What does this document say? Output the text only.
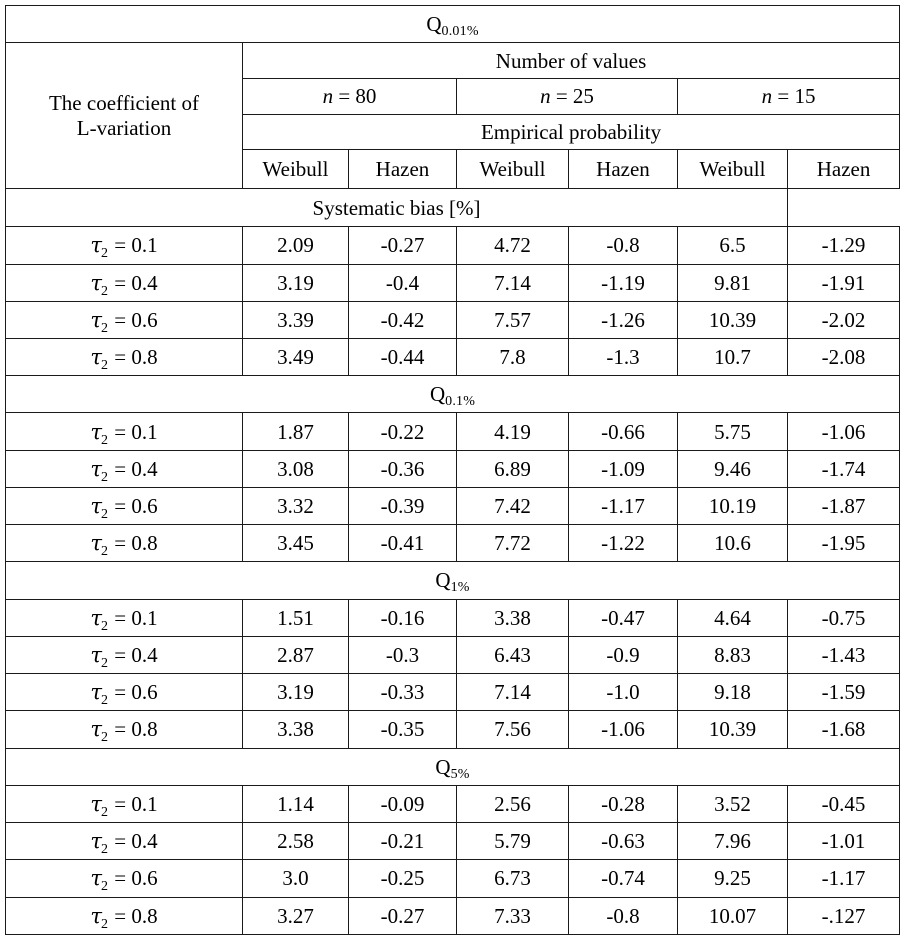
Q0.01%						
The coefficient of
L-variation	Number of values					
	n = 80		n = 25		n = 15	
	Empirical probability					
	Weibull	Hazen	Weibull	Hazen	Weibull	Hazen
Systematic bias [%]						
$\tau_2 = 0.1$	2.09	-0.27	4.72	-0.8	6.5	-1.29
$\tau_2 = 0.4$	3.19	-0.4	7.14	-1.19	9.81	-1.91
$\tau_2 = 0.6$	3.39	-0.42	7.57	-1.26	10.39	-2.02
$\tau_2 = 0.8$	3.49	-0.44	7.8	-1.3	10.7	-2.08
Q0.1%						
$\tau_2 = 0.1$	1.87	-0.22	4.19	-0.66	5.75	-1.06
$\tau_2 = 0.4$	3.08	-0.36	6.89	-1.09	9.46	-1.74
$\tau_2 = 0.6$	3.32	-0.39	7.42	-1.17	10.19	-1.87
$\tau_2 = 0.8$	3.45	-0.41	7.72	-1.22	10.6	-1.95
Q1%						
$\tau_2 = 0.1$	1.51	-0.16	3.38	-0.47	4.64	-0.75
$\tau_2 = 0.4$	2.87	-0.3	6.43	-0.9	8.83	-1.43
$\tau_2 = 0.6$	3.19	-0.33	7.14	-1.0	9.18	-1.59
$\tau_2 = 0.8$	3.38	-0.35	7.56	-1.06	10.39	-1.68
Q5%						
$\tau_2 = 0.1$	1.14	-0.09	2.56	-0.28	3.52	-0.45
$\tau_2 = 0.4$	2.58	-0.21	5.79	-0.63	7.96	-1.01
$\tau_2 = 0.6$	3.0	-0.25	6.73	-0.74	9.25	-1.17
$\tau_2 = 0.8$	3.27	-0.27	7.33	-0.8	10.07	-.127
